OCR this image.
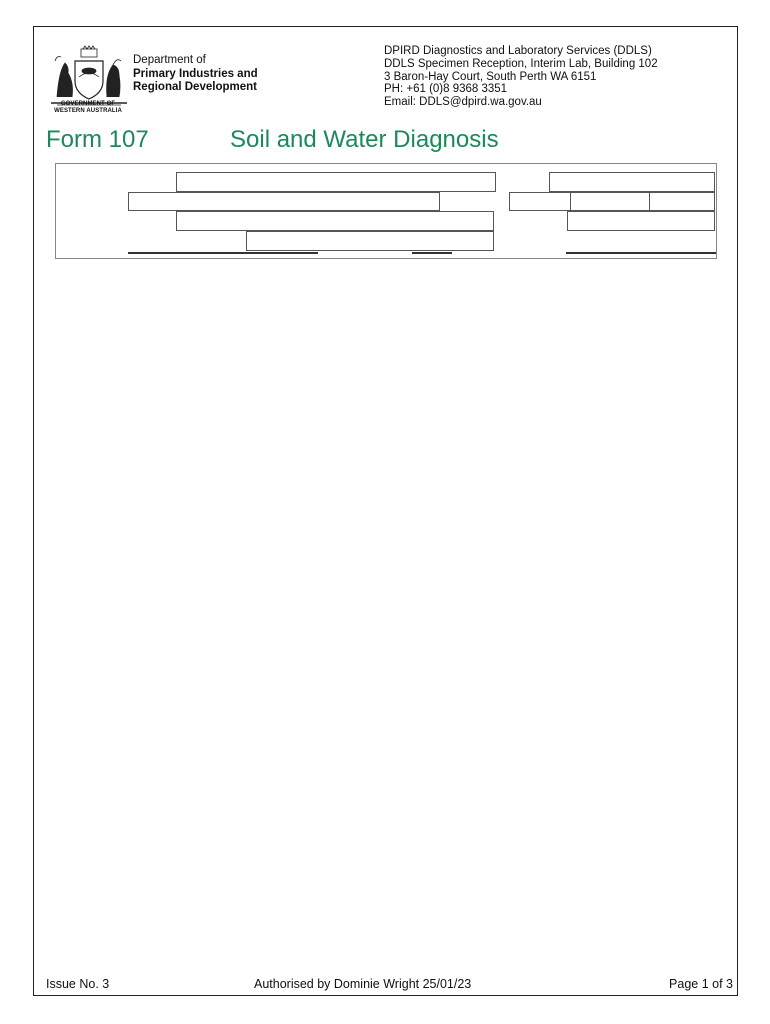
GOVERNMENT OF
WESTERN AUSTRALIA
Department of
Primary Industries and
Regional Development
DPIRD Diagnostics and Laboratory Services (DDLS)
DDLS Specimen Reception, Interim Lab, Building 102
3 Baron-Hay Court, South Perth WA 6151
PH: +61 (0)8 9368 3351
Email: DDLS@dpird.wa.gov.au
Form 107	Soil and Water Diagnosis
Issue No. 3	Authorised by Dominie Wright 25/01/23	Page 1 of 3
